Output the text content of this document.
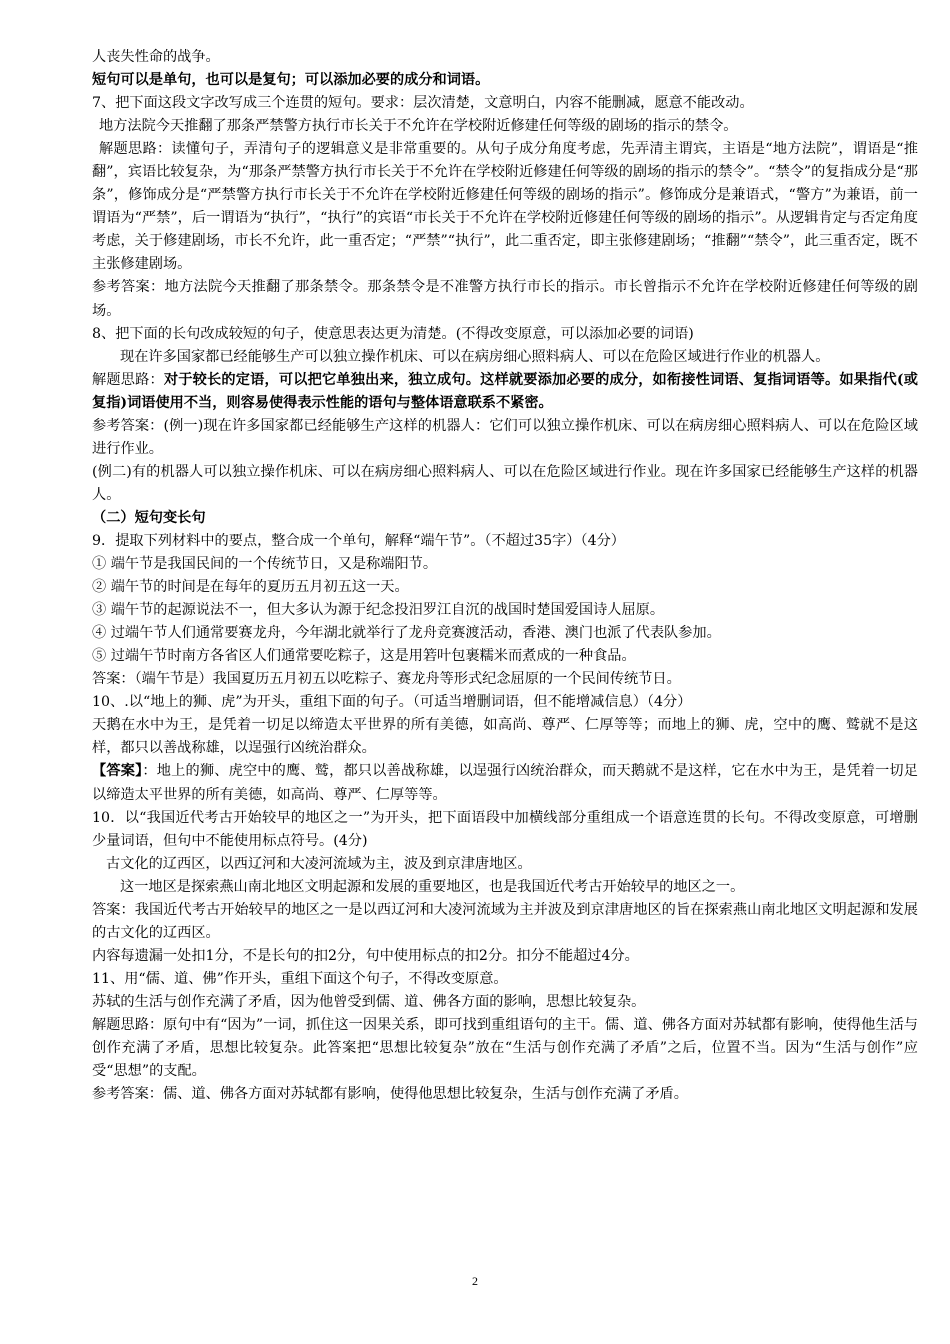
人丧失性命的战争。

短句可以是单句，也可以是复句；可以添加必要的成分和词语。

7、把下面这段文字改写成三个连贯的短句。要求：层次清楚，文意明白，内容不能删减，愿意不能改动。

地方法院今天推翻了那条严禁警方执行市长关于不允许在学校附近修建任何等级的剧场的指示的禁令。

解题思路：读懂句子，弄清句子的逻辑意义是非常重要的。从句子成分角度考虑，先弄清主谓宾，主语是“地方法院”，谓语是“推翻”，宾语比较复杂，为“那条严禁警方执行市长关于不允许在学校附近修建任何等级的剧场的指示的禁令”。“禁令”的复指成分是“那条”，修饰成分是“严禁警方执行市长关于不允许在学校附近修建任何等级的剧场的指示”。修饰成分是兼语式，“警方”为兼语，前一谓语为“严禁”，后一谓语为“执行”，“执行”的宾语“市长关于不允许在学校附近修建任何等级的剧场的指示”。从逻辑肯定与否定角度考虑，关于修建剧场，市长不允许，此一重否定；“严禁”“执行”，此二重否定，即主张修建剧场；“推翻”“禁令”，此三重否定，既不主张修建剧场。

参考答案：地方法院今天推翻了那条禁令。那条禁令是不准警方执行市长的指示。市长曾指示不允许在学校附近修建任何等级的剧场。

8、把下面的长句改成较短的句子，使意思表达更为清楚。(不得改变原意，可以添加必要的词语)

现在许多国家都已经能够生产可以独立操作机床、可以在病房细心照料病人、可以在危险区域进行作业的机器人。

解题思路：对于较长的定语，可以把它单独出来，独立成句。这样就要添加必要的成分，如衔接性词语、复指词语等。如果指代(或复指)词语使用不当，则容易使得表示性能的语句与整体语意联系不紧密。

参考答案：(例一)现在许多国家都已经能够生产这样的机器人：它们可以独立操作机床、可以在病房细心照料病人、可以在危险区域进行作业。

(例二)有的机器人可以独立操作机床、可以在病房细心照料病人、可以在危险区域进行作业。现在许多国家已经能够生产这样的机器人。

（二）短句变长句

9．提取下列材料中的要点，整合成一个单句，解释“端午节”。（不超过35字）（4分）

① 端午节是我国民间的一个传统节日，又是称端阳节。

② 端午节的时间是在每年的夏历五月初五这一天。

③ 端午节的起源说法不一，但大多认为源于纪念投汨罗江自沉的战国时楚国爱国诗人屈原。

④ 过端午节人们通常要赛龙舟，今年湖北就举行了龙舟竞赛渡活动，香港、澳门也派了代表队参加。

⑤ 过端午节时南方各省区人们通常要吃粽子，这是用箬叶包裹糯米而煮成的一种食品。

答案：（端午节是）我国夏历五月初五以吃粽子、赛龙舟等形式纪念屈原的一个民间传统节日。

10、.以“地上的狮、虎”为开头，重组下面的句子。（可适当增删词语，但不能增减信息）（4分）

天鹅在水中为王，是凭着一切足以缔造太平世界的所有美德，如高尚、尊严、仁厚等等；而地上的狮、虎，空中的鹰、鹫就不是这样，都只以善战称雄，以逞强行凶统治群众。

【答案】：地上的狮、虎空中的鹰、鹫，都只以善战称雄，以逞强行凶统治群众，而天鹅就不是这样，它在水中为王，是凭着一切足以缔造太平世界的所有美德，如高尚、尊严、仁厚等等。

10．以“我国近代考古开始较早的地区之一”为开头，把下面语段中加横线部分重组成一个语意连贯的长句。不得改变原意，可增删少量词语，但句中不能使用标点符号。(4分)

古文化的辽西区，以西辽河和大凌河流域为主，波及到京津唐地区。

这一地区是探索燕山南北地区文明起源和发展的重要地区，也是我国近代考古开始较早的地区之一。

答案：我国近代考古开始较早的地区之一是以西辽河和大凌河流域为主并波及到京津唐地区的旨在探索燕山南北地区文明起源和发展的古文化的辽西区。

内容每遗漏一处扣1分，不是长句的扣2分，句中使用标点的扣2分。扣分不能超过4分。

11、用“儒、道、佛”作开头，重组下面这个句子，不得改变原意。

苏轼的生活与创作充满了矛盾，因为他曾受到儒、道、佛各方面的影响，思想比较复杂。

解题思路：原句中有“因为”一词，抓住这一因果关系，即可找到重组语句的主干。儒、道、佛各方面对苏轼都有影响，使得他生活与创作充满了矛盾，思想比较复杂。此答案把“思想比较复杂”放在“生活与创作充满了矛盾”之后，位置不当。因为“生活与创作”应受“思想”的支配。

参考答案：儒、道、佛各方面对苏轼都有影响，使得他思想比较复杂，生活与创作充满了矛盾。

2
